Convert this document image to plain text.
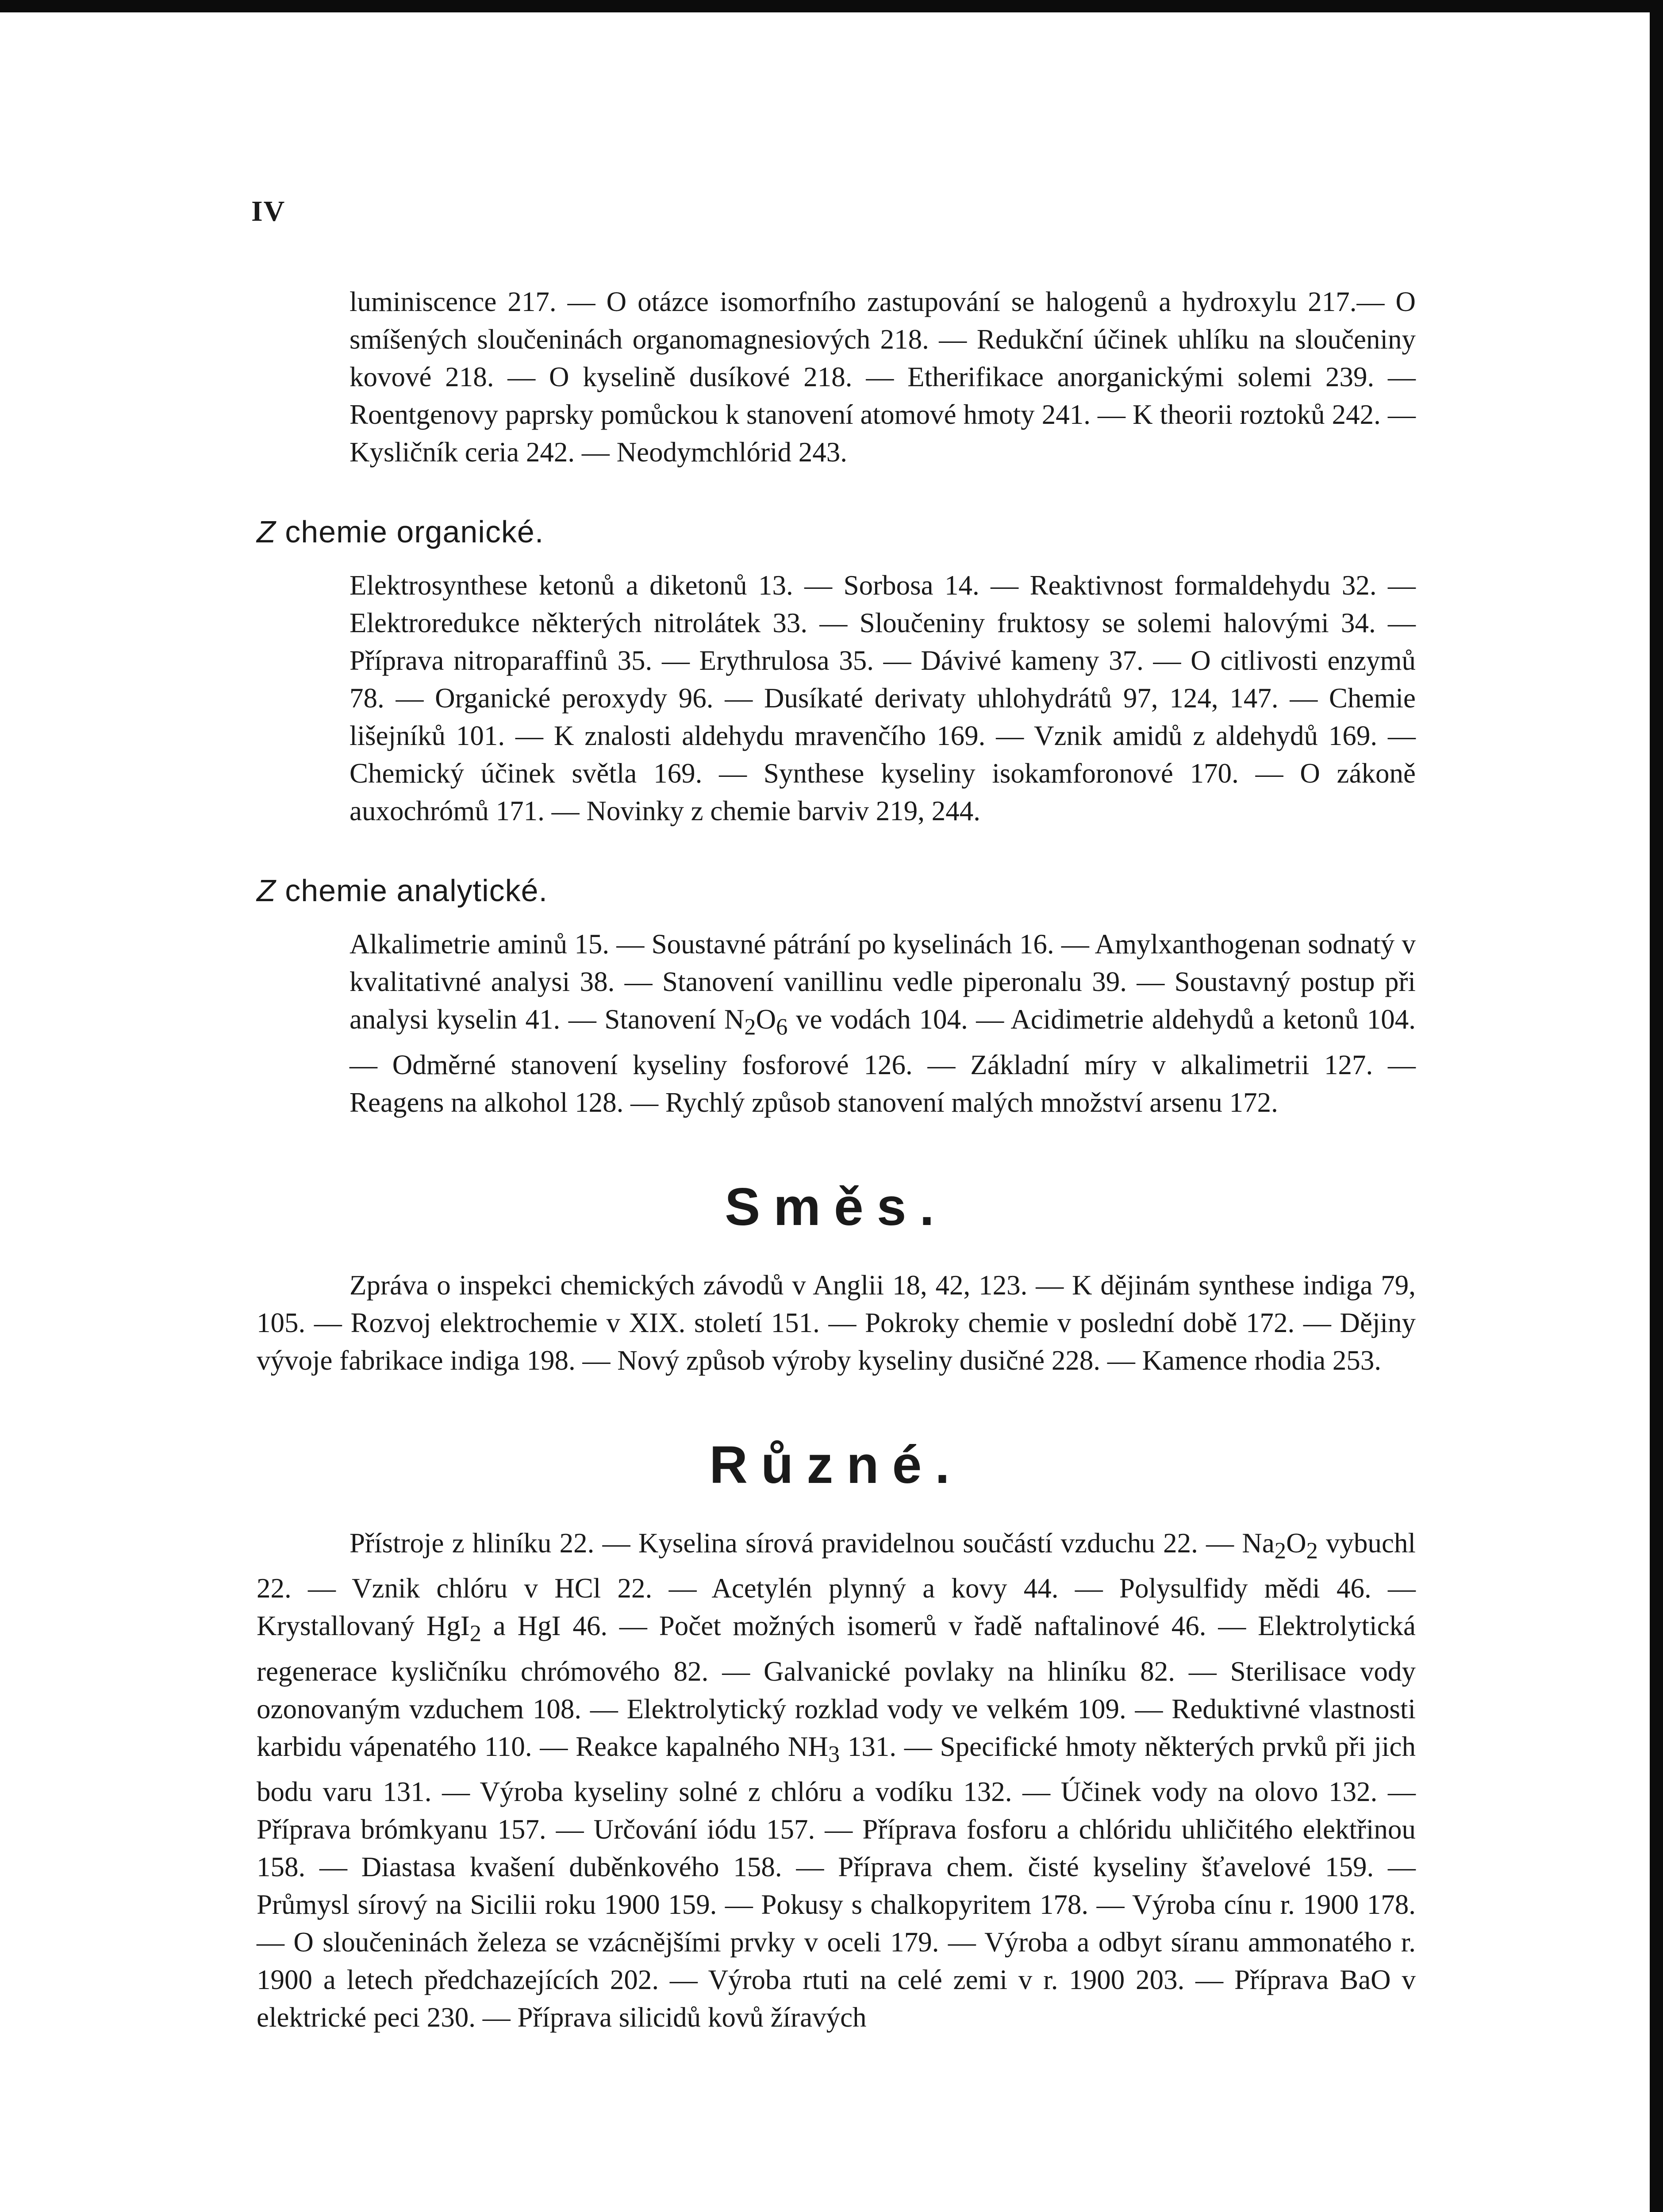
IV

luminiscence 217. — O otázce isomorfního zastupování se halogenů a hydroxylu 217.— O smíšených sloučeninách organomagnesiových 218. — Redukční účinek uhlíku na sloučeniny kovové 218. — O kyselině dusíkové 218. — Etherifikace anorganickými solemi 239. — Roentgenovy paprsky pomůckou k stanovení atomové hmoty 241. — K theorii roztoků 242. — Kysličník ceria 242. — Neodymchlórid 243.

Z chemie organické.

Elektrosynthese ketonů a diketonů 13. — Sorbosa 14. — Reaktivnost formaldehydu 32. — Elektroredukce některých nitrolátek 33. — Sloučeniny fruktosy se solemi halovými 34. — Příprava nitroparaffinů 35. — Erythrulosa 35. — Dávivé kameny 37. — O citlivosti enzymů 78. — Organické peroxydy 96. — Dusíkaté derivaty uhlohydrátů 97, 124, 147. — Chemie lišejníků 101. — K znalosti aldehydu mravenčího 169. — Vznik amidů z aldehydů 169. — Chemický účinek světla 169. — Synthese kyseliny isokamforonové 170. — O zákoně auxochrómů 171. — Novinky z chemie barviv 219, 244.

Z chemie analytické.

Alkalimetrie aminů 15. — Soustavné pátrání po kyselinách 16. — Amylxanthogenan sodnatý v kvalitativné analysi 38. — Stanovení vanillinu vedle piperonalu 39. — Soustavný postup při analysi kyselin 41. — Stanovení $N_2O_6$ ve vodách 104. — Acidimetrie aldehydů a ketonů 104. — Odměrné stanovení kyseliny fosforové 126. — Základní míry v alkalimetrii 127. — Reagens na alkohol 128. — Rychlý způsob stanovení malých množství arsenu 172.

Směs.

Zpráva o inspekci chemických závodů v Anglii 18, 42, 123. — K dějinám synthese indiga 79, 105. — Rozvoj elektrochemie v XIX. století 151. — Pokroky chemie v poslední době 172. — Dějiny vývoje fabrikace indiga 198. — Nový způsob výroby kyseliny dusičné 228. — Kamence rhodia 253.

Různé.

Přístroje z hliníku 22. — Kyselina sírová pravidelnou součástí vzduchu 22. — $Na_2O_2$ vybuchl 22. — Vznik chlóru v HCl 22. — Acetylén plynný a kovy 44. — Polysulfidy mědi 46. — Krystallovaný HgI$_2$ a HgI 46. — Počet možných isomerů v řadě naftalinové 46. — Elektrolytická regenerace kysličníku chrómového 82. — Galvanické povlaky na hliníku 82. — Sterilisace vody ozonovaným vzduchem 108. — Elektrolytický rozklad vody ve velkém 109. — Reduktivné vlastnosti karbidu vápenatého 110. — Reakce kapalného $NH_3$ 131. — Specifické hmoty některých prvků při jich bodu varu 131. — Výroba kyseliny solné z chlóru a vodíku 132. — Účinek vody na olovo 132. — Příprava brómkyanu 157. — Určování iódu 157. — Příprava fosforu a chlóridu uhličitého elektřinou 158. — Diastasa kvašení duběnkového 158. — Příprava chem. čisté kyseliny šťavelové 159. — Průmysl sírový na Sicilii roku 1900 159. — Pokusy s chalkopyritem 178. — Výroba cínu r. 1900 178. — O sloučeninách železa se vzácnějšími prvky v oceli 179. — Výroba a odbyt síranu ammonatého r. 1900 a letech předchazejících 202. — Výroba rtuti na celé zemi v r. 1900 203. — Příprava BaO v elektrické peci 230. — Příprava silicidů kovů žíravých
